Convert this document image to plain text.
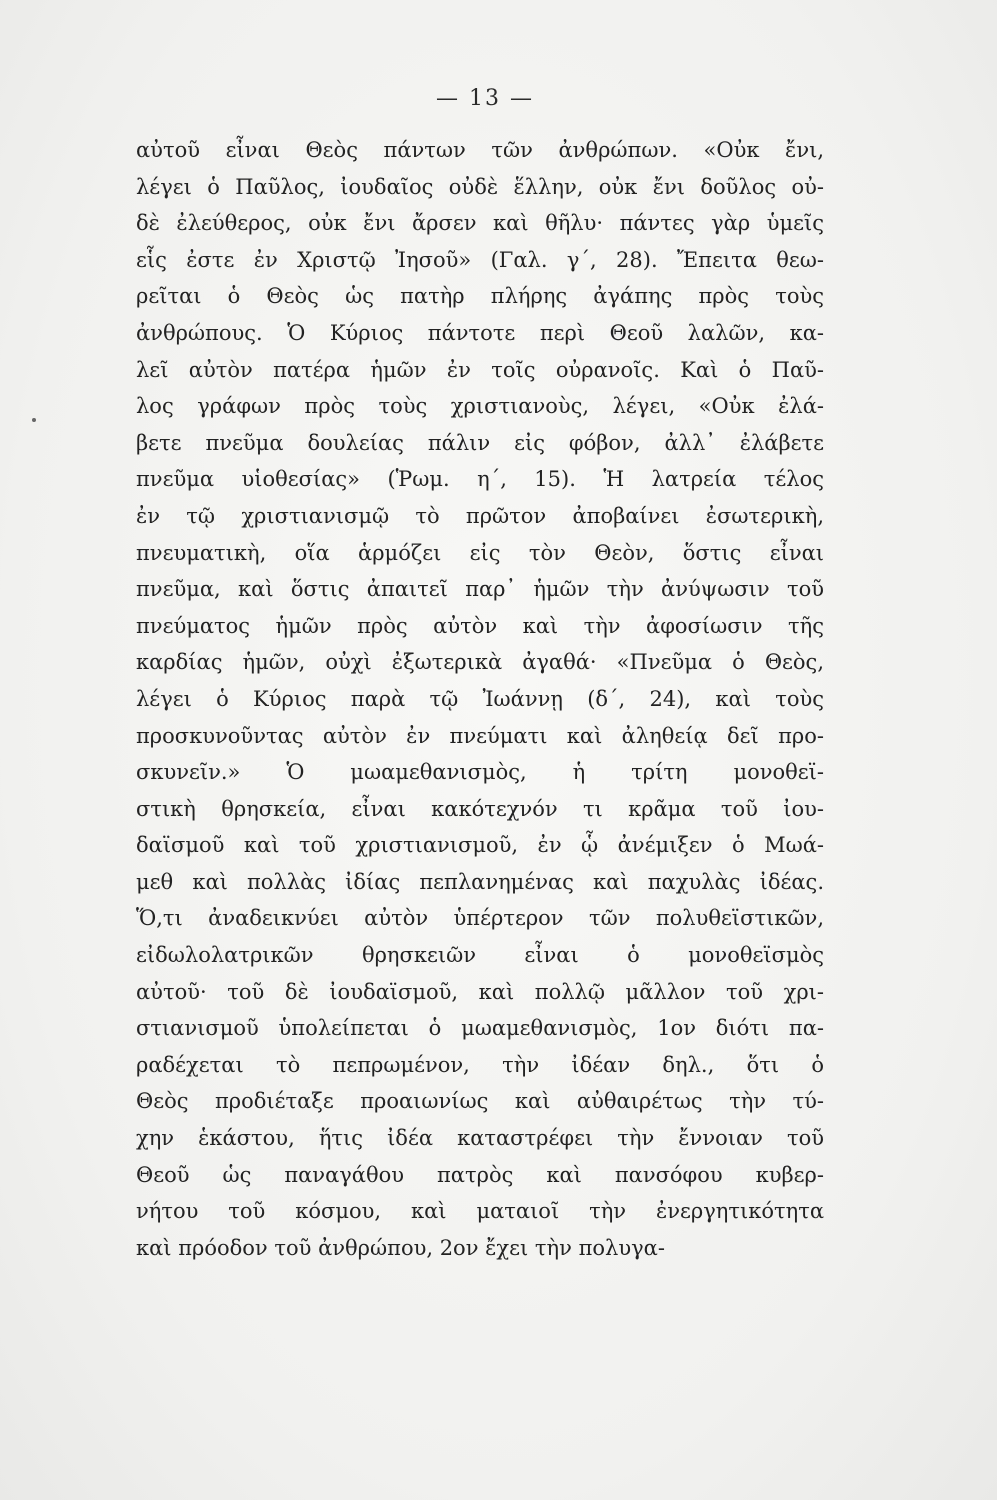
— 13 —
αὐτοῦ εἶναι Θεὸς πάντων τῶν ἀνθρώπων. «Οὐκ ἔνι,
λέγει ὁ Παῦλος, ἰουδαῖος οὐδὲ ἕλλην, οὐκ ἔνι δοῦλος οὐ-
δὲ ἐλεύθερος, οὐκ ἔνι ἄρσεν καὶ θῆλυ· πάντες γὰρ ὑμεῖς
εἷς ἐστε ἐν Χριστῷ Ἰησοῦ» (Γαλ. γ΄, 28). Ἔπειτα θεω-
ρεῖται ὁ Θεὸς ὡς πατὴρ πλήρης ἀγάπης πρὸς τοὺς
ἀνθρώπους. Ὁ Κύριος πάντοτε περὶ Θεοῦ λαλῶν, κα-
λεῖ αὐτὸν πατέρα ἡμῶν ἐν τοῖς οὐρανοῖς. Καὶ ὁ Παῦ-
λος γράφων πρὸς τοὺς χριστιανοὺς, λέγει, «Οὐκ ἐλά-
βετε πνεῦμα δουλείας πάλιν εἰς φόβον, ἀλλ᾽ ἐλάβετε
πνεῦμα υἱοθεσίας» (Ῥωμ. η΄, 15). Ἡ λατρεία τέλος
ἐν τῷ χριστιανισμῷ τὸ πρῶτον ἀποβαίνει ἐσωτερικὴ,
πνευματικὴ, οἵα ἁρμόζει εἰς τὸν Θεὸν, ὅστις εἶναι
πνεῦμα, καὶ ὅστις ἀπαιτεῖ παρ᾽ ἡμῶν τὴν ἀνύψωσιν τοῦ
πνεύματος ἡμῶν πρὸς αὐτὸν καὶ τὴν ἀφοσίωσιν τῆς
καρδίας ἡμῶν, οὐχὶ ἐξωτερικὰ ἀγαθά· «Πνεῦμα ὁ Θεὸς,
λέγει ὁ Κύριος παρὰ τῷ Ἰωάννῃ (δ΄, 24), καὶ τοὺς
προσκυνοῦντας αὐτὸν ἐν πνεύματι καὶ ἀληθείᾳ δεῖ προ-
σκυνεῖν.» Ὁ μωαμεθανισμὸς, ἡ τρίτη μονοθεϊ-
στικὴ θρησκεία, εἶναι κακότεχνόν τι κρᾶμα τοῦ ἰου-
δαϊσμοῦ καὶ τοῦ χριστιανισμοῦ, ἐν ᾧ ἀνέμιξεν ὁ Μωά-
μεθ καὶ πολλὰς ἰδίας πεπλανημένας καὶ παχυλὰς ἰδέας.
Ὅ,τι ἀναδεικνύει αὐτὸν ὑπέρτερον τῶν πολυθεϊστικῶν,
εἰδωλολατρικῶν θρησκειῶν εἶναι ὁ μονοθεϊσμὸς
αὐτοῦ· τοῦ δὲ ἰουδαϊσμοῦ, καὶ πολλῷ μᾶλλον τοῦ χρι-
στιανισμοῦ ὑπολείπεται ὁ μωαμεθανισμὸς, 1ον διότι πα-
ραδέχεται τὸ πεπρωμένον, τὴν ἰδέαν δηλ., ὅτι ὁ
Θεὸς προδιέταξε προαιωνίως καὶ αὐθαιρέτως τὴν τύ-
χην ἑκάστου, ἥτις ἰδέα καταστρέφει τὴν ἔννοιαν τοῦ
Θεοῦ ὡς παναγάθου πατρὸς καὶ πανσόφου κυβερ-
νήτου τοῦ κόσμου, καὶ ματαιοῖ τὴν ἐνεργητικότητα
καὶ πρόοδον τοῦ ἀνθρώπου, 2ον ἔχει τὴν πολυγα-
